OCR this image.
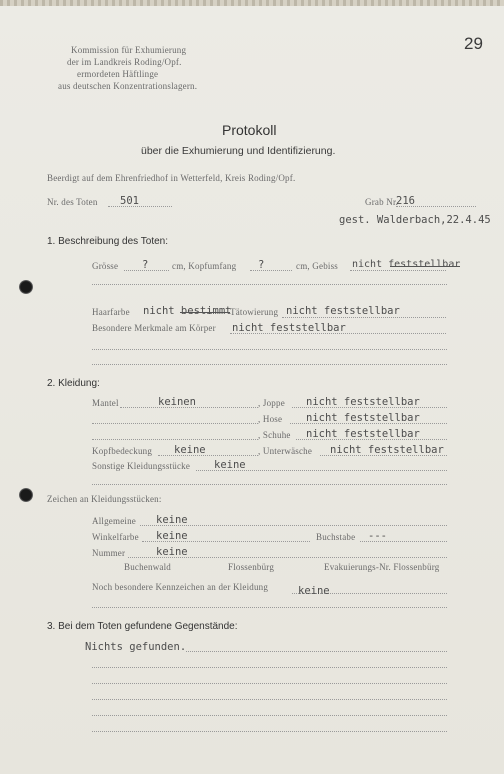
29
Kommission für Exhumierung
der im Landkreis Roding/Opf.
ermordeten Häftlinge
aus deutschen Konzentrationslagern.
Protokoll
über die Exhumierung und Identifizierung.
Beerdigt auf dem Ehrenfriedhof in Wetterfeld, Kreis Roding/Opf.
Nr. des Toten 501	Grab Nr.
216
gest. Walderbach,22.4.45
1. Beschreibung des Toten:
Grösse ?	cm, Kopfumfang ?	cm, Gebiss nicht feststellbar
Haarfarbe nicht bestimmt
Tätowierung nicht feststellbar
Besondere Merkmale am Körper nicht feststellbar
2. Kleidung:
Mantel	keinen	, Joppe nicht feststellbar
, Hose nicht feststellbar
, Schuhe nicht feststellbar
Kopfbedeckung keine	, Unterwäsche nicht feststellbar
Sonstige Kleidungsstücke keine
Zeichen an Kleidungsstücken:
Allgemeine keine
Winkelfarbe keine	Buchstabe ---
Nummer	keine
Buchenwald	Flossenbürg	Evakuierungs-Nr. Flossenbürg
Noch besondere Kennzeichen an der Kleidung	keine
3. Bei dem Toten gefundene Gegenstände:
Nichts gefunden.
